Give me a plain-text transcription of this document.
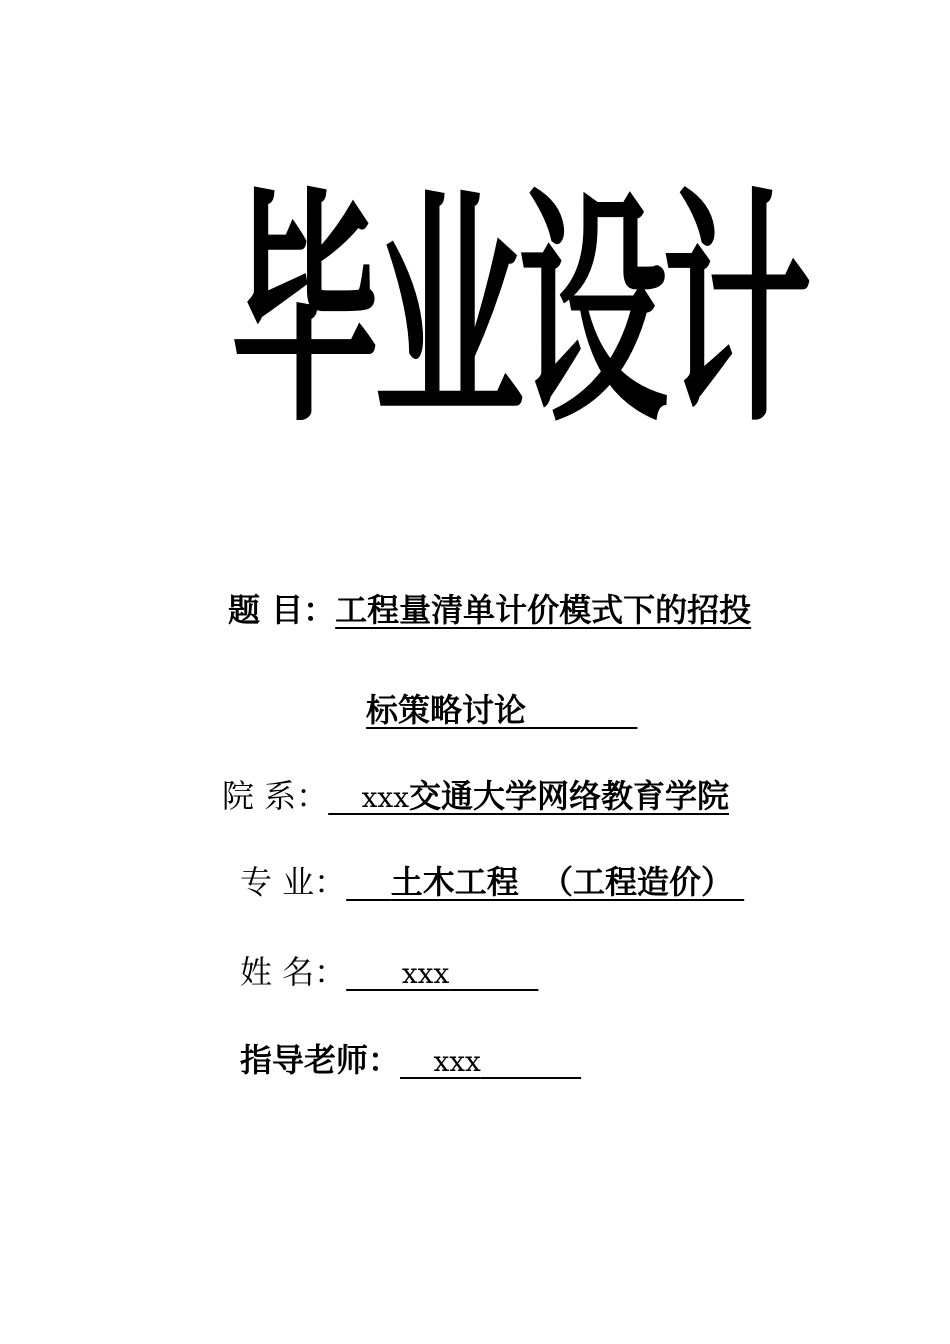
毕业设计
题 目：工程量清单计价模式下的招投
标策略讨论
院 系： xxx交通大学网络教育学院
专 业： 土木工程  （工程造价）
姓 名： xxx
指导老师： xxx
